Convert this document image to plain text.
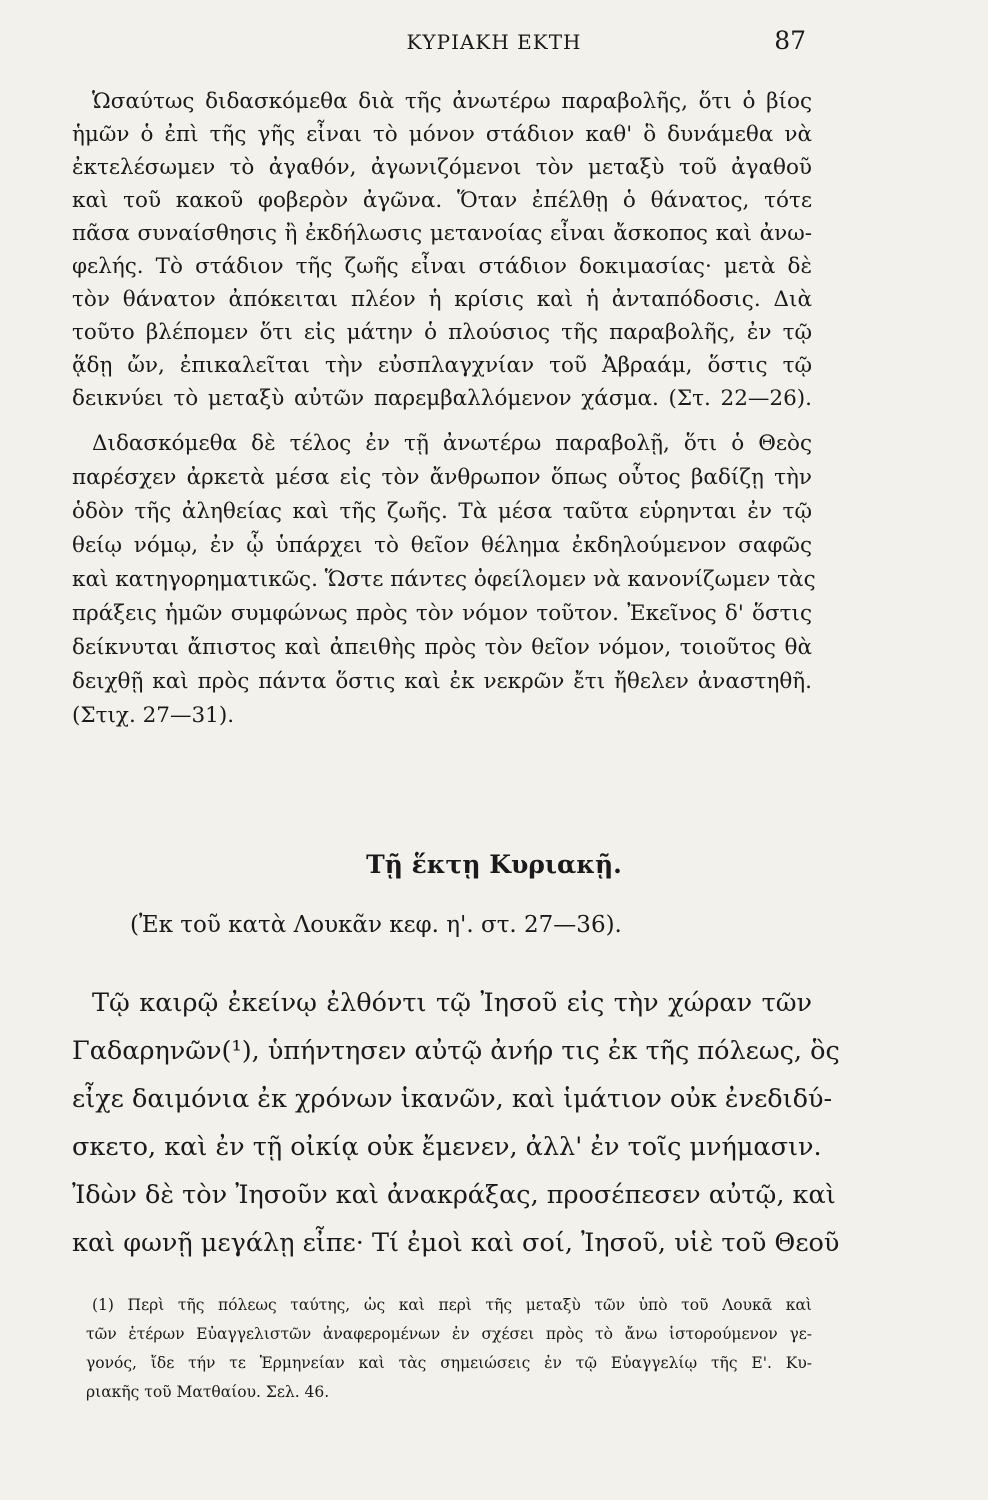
ΚΥΡΙΑΚΗ ΕΚΤΗ	87
Ὡσαύτως διδασκόμεθα διὰ τῆς ἀνωτέρω παραβολῆς, ὅτι ὁ βίος
ἡμῶν ὁ ἐπὶ τῆς γῆς εἶναι τὸ μόνον στάδιον καθ' ὃ δυνάμεθα νὰ
ἐκτελέσωμεν τὸ ἀγαθόν, ἀγωνιζόμενοι τὸν μεταξὺ τοῦ ἀγαθοῦ
καὶ τοῦ κακοῦ φοβερὸν ἀγῶνα. Ὅταν ἐπέλθῃ ὁ θάνατος, τότε
πᾶσα συναίσθησις ἢ ἐκδήλωσις μετανοίας εἶναι ἄσκοπος καὶ ἀνω-
φελής. Τὸ στάδιον τῆς ζωῆς εἶναι στάδιον δοκιμασίας· μετὰ δὲ
τὸν θάνατον ἀπόκειται πλέον ἡ κρίσις καὶ ἡ ἀνταπόδοσις. Διὰ
τοῦτο βλέπομεν ὅτι εἰς μάτην ὁ πλούσιος τῆς παραβολῆς, ἐν τῷ
ᾅδῃ ὤν, ἐπικαλεῖται τὴν εὐσπλαγχνίαν τοῦ Ἀβραάμ, ὅστις τῷ
δεικνύει τὸ μεταξὺ αὐτῶν παρεμβαλλόμενον χάσμα. (Στ. 22—26).
Διδασκόμεθα δὲ τέλος ἐν τῇ ἀνωτέρω παραβολῇ, ὅτι ὁ Θεὸς
παρέσχεν ἀρκετὰ μέσα εἰς τὸν ἄνθρωπον ὅπως οὗτος βαδίζῃ τὴν
ὁδὸν τῆς ἀληθείας καὶ τῆς ζωῆς. Τὰ μέσα ταῦτα εὑρηνται ἐν τῷ
θείῳ νόμῳ, ἐν ᾧ ὑπάρχει τὸ θεῖον θέλημα ἐκδηλούμενον σαφῶς
καὶ κατηγορηματικῶς. Ὥστε πάντες ὀφείλομεν νὰ κανονίζωμεν τὰς
πράξεις ἡμῶν συμφώνως πρὸς τὸν νόμον τοῦτον. Ἐκεῖνος δ' ὅστις
δείκνυται ἄπιστος καὶ ἀπειθὴς πρὸς τὸν θεῖον νόμον, τοιοῦτος θὰ
δειχθῇ καὶ πρὸς πάντα ὅστις καὶ ἐκ νεκρῶν ἔτι ἤθελεν ἀναστηθῆ.
(Στιχ. 27—31).
Τῇ ἕκτῃ Κυριακῇ.
(Ἐκ τοῦ κατὰ Λουκᾶν κεφ. η'. στ. 27—36).
Τῷ καιρῷ ἐκείνῳ ἐλθόντι τῷ Ἰησοῦ εἰς τὴν χώραν τῶν
Γαδαρηνῶν(¹), ὑπήντησεν αὐτῷ ἀνήρ τις ἐκ τῆς πόλεως, ὃς
εἶχε δαιμόνια ἐκ χρόνων ἱκανῶν, καὶ ἱμάτιον οὐκ ἐνεδιδύ-
σκετο, καὶ ἐν τῇ οἰκίᾳ οὐκ ἔμενεν, ἀλλ' ἐν τοῖς μνήμασιν.
Ἰδὼν δὲ τὸν Ἰησοῦν καὶ ἀνακράξας, προσέπεσεν αὐτῷ, καὶ
καὶ φωνῇ μεγάλῃ εἶπε· Τί ἐμοὶ καὶ σοί, Ἰησοῦ, υἱὲ τοῦ Θεοῦ
(1) Περὶ τῆς πόλεως ταύτης, ὡς καὶ περὶ τῆς μεταξὺ τῶν ὑπὸ τοῦ Λουκᾶ καὶ
τῶν ἑτέρων Εὐαγγελιστῶν ἀναφερομένων ἐν σχέσει πρὸς τὸ ἄνω ἱστορούμενον γε-
γονός, ἴδε τήν τε Ἑρμηνείαν καὶ τὰς σημειώσεις ἐν τῷ Εὐαγγελίῳ τῆς Ε'. Κυ-
ριακῆς τοῦ Ματθαίου. Σελ. 46.
